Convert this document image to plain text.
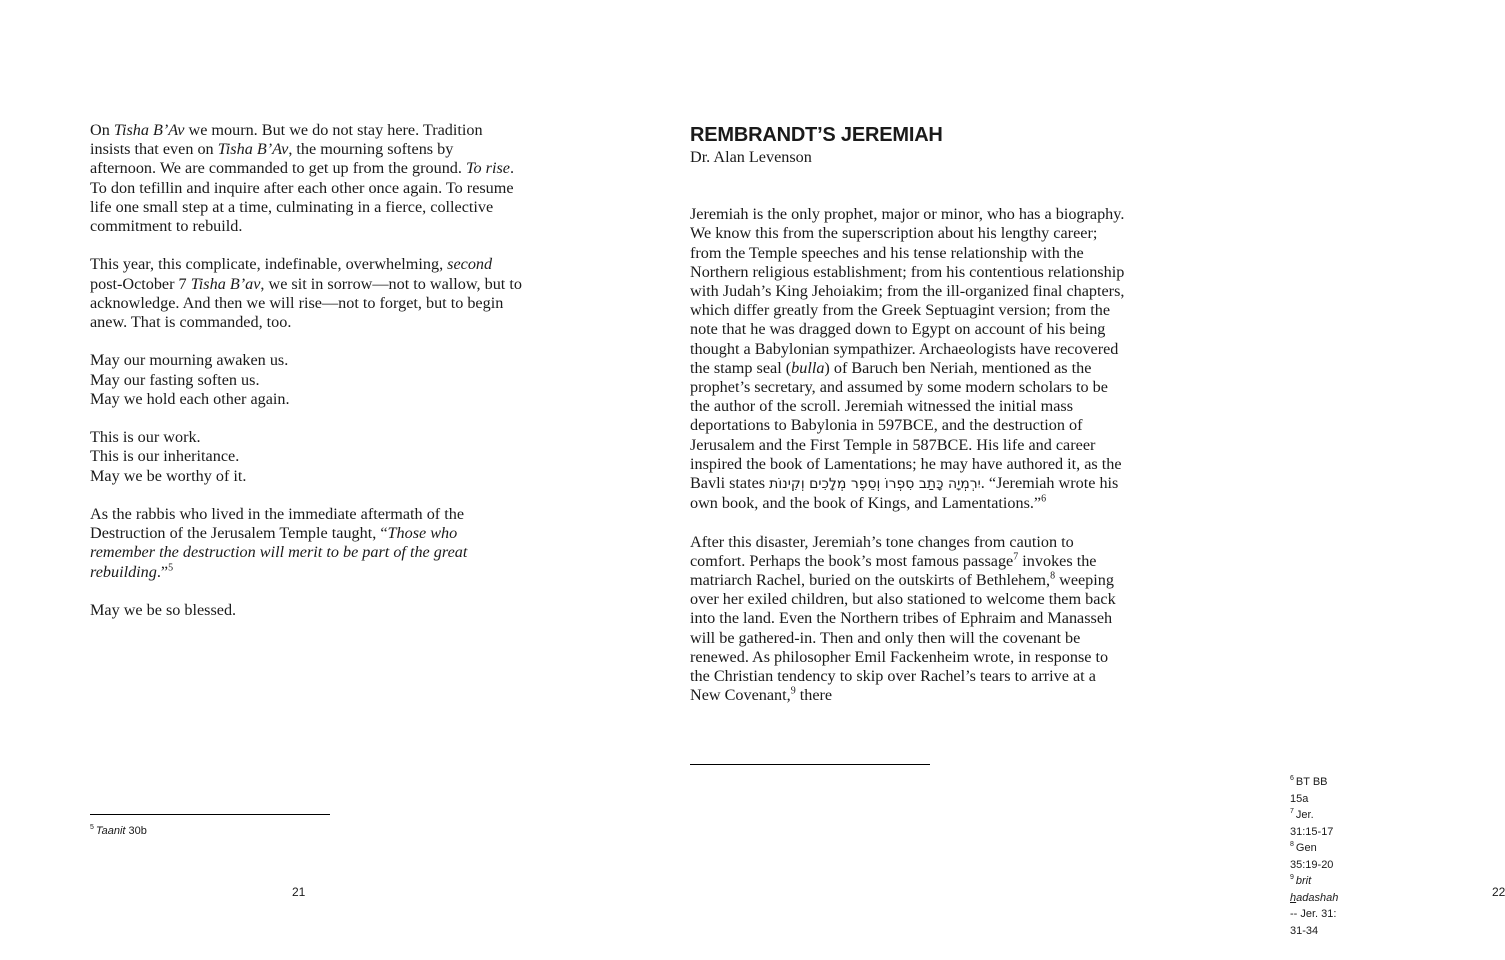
On Tisha B’Av we mourn. But we do not stay here. Tradition insists that even on Tisha B’Av, the mourning softens by afternoon. We are commanded to get up from the ground. To rise. To don tefillin and inquire after each other once again. To resume life one small step at a time, culminating in a fierce, collective commitment to rebuild.

This year, this complicate, indefinable, overwhelming, second post-October 7 Tisha B’av, we sit in sorrow—not to wallow, but to acknowledge. And then we will rise—not to forget, but to begin anew. That is commanded, too.

May our mourning awaken us.
May our fasting soften us.
May we hold each other again.

This is our work.
This is our inheritance.
May we be worthy of it.

As the rabbis who lived in the immediate aftermath of the Destruction of the Jerusalem Temple taught, “Those who remember the destruction will merit to be part of the great rebuilding.”$^5$

May we be so blessed.

$^5$ Taanit 30b
21
REMBRANDT’S JEREMIAH

Dr. Alan Levenson

Jeremiah is the only prophet, major or minor, who has a biography. We know this from the superscription about his lengthy career; from the Temple speeches and his tense relationship with the Northern religious establishment; from his contentious relationship with Judah’s King Jehoiakim; from the ill-organized final chapters, which differ greatly from the Greek Septuagint version; from the note that he was dragged down to Egypt on account of his being thought a Babylonian sympathizer. Archaeologists have recovered the stamp seal (bulla) of Baruch ben Neriah, mentioned as the prophet’s secretary, and assumed by some modern scholars to be the author of the scroll. Jeremiah witnessed the initial mass deportations to Babylonia in 597BCE, and the destruction of Jerusalem and the First Temple in 587BCE. His life and career inspired the book of Lamentations; he may have authored it, as the Bavli states יִרְמְיָה כָּתַב סִפְרוֹ וְסֵפֶר מְלָכִים וְקִינוֹת. “Jeremiah wrote his own book, and the book of Kings, and Lamentations.”$^6$

After this disaster, Jeremiah’s tone changes from caution to comfort. Perhaps the book’s most famous passage$^7$ invokes the matriarch Rachel, buried on the outskirts of Bethlehem,$^8$ weeping over her exiled children, but also stationed to welcome them back into the land. Even the Northern tribes of Ephraim and Manasseh will be gathered-in. Then and only then will the covenant be renewed. As philosopher Emil Fackenheim wrote, in response to the Christian tendency to skip over Rachel’s tears to arrive at a New Covenant,$^9$ there

$^6$ BT BB 15a
$^7$ Jer. 31:15-17
$^8$ Gen 35:19-20
$^9$ brit hadashah -- Jer. 31: 31-34
22
